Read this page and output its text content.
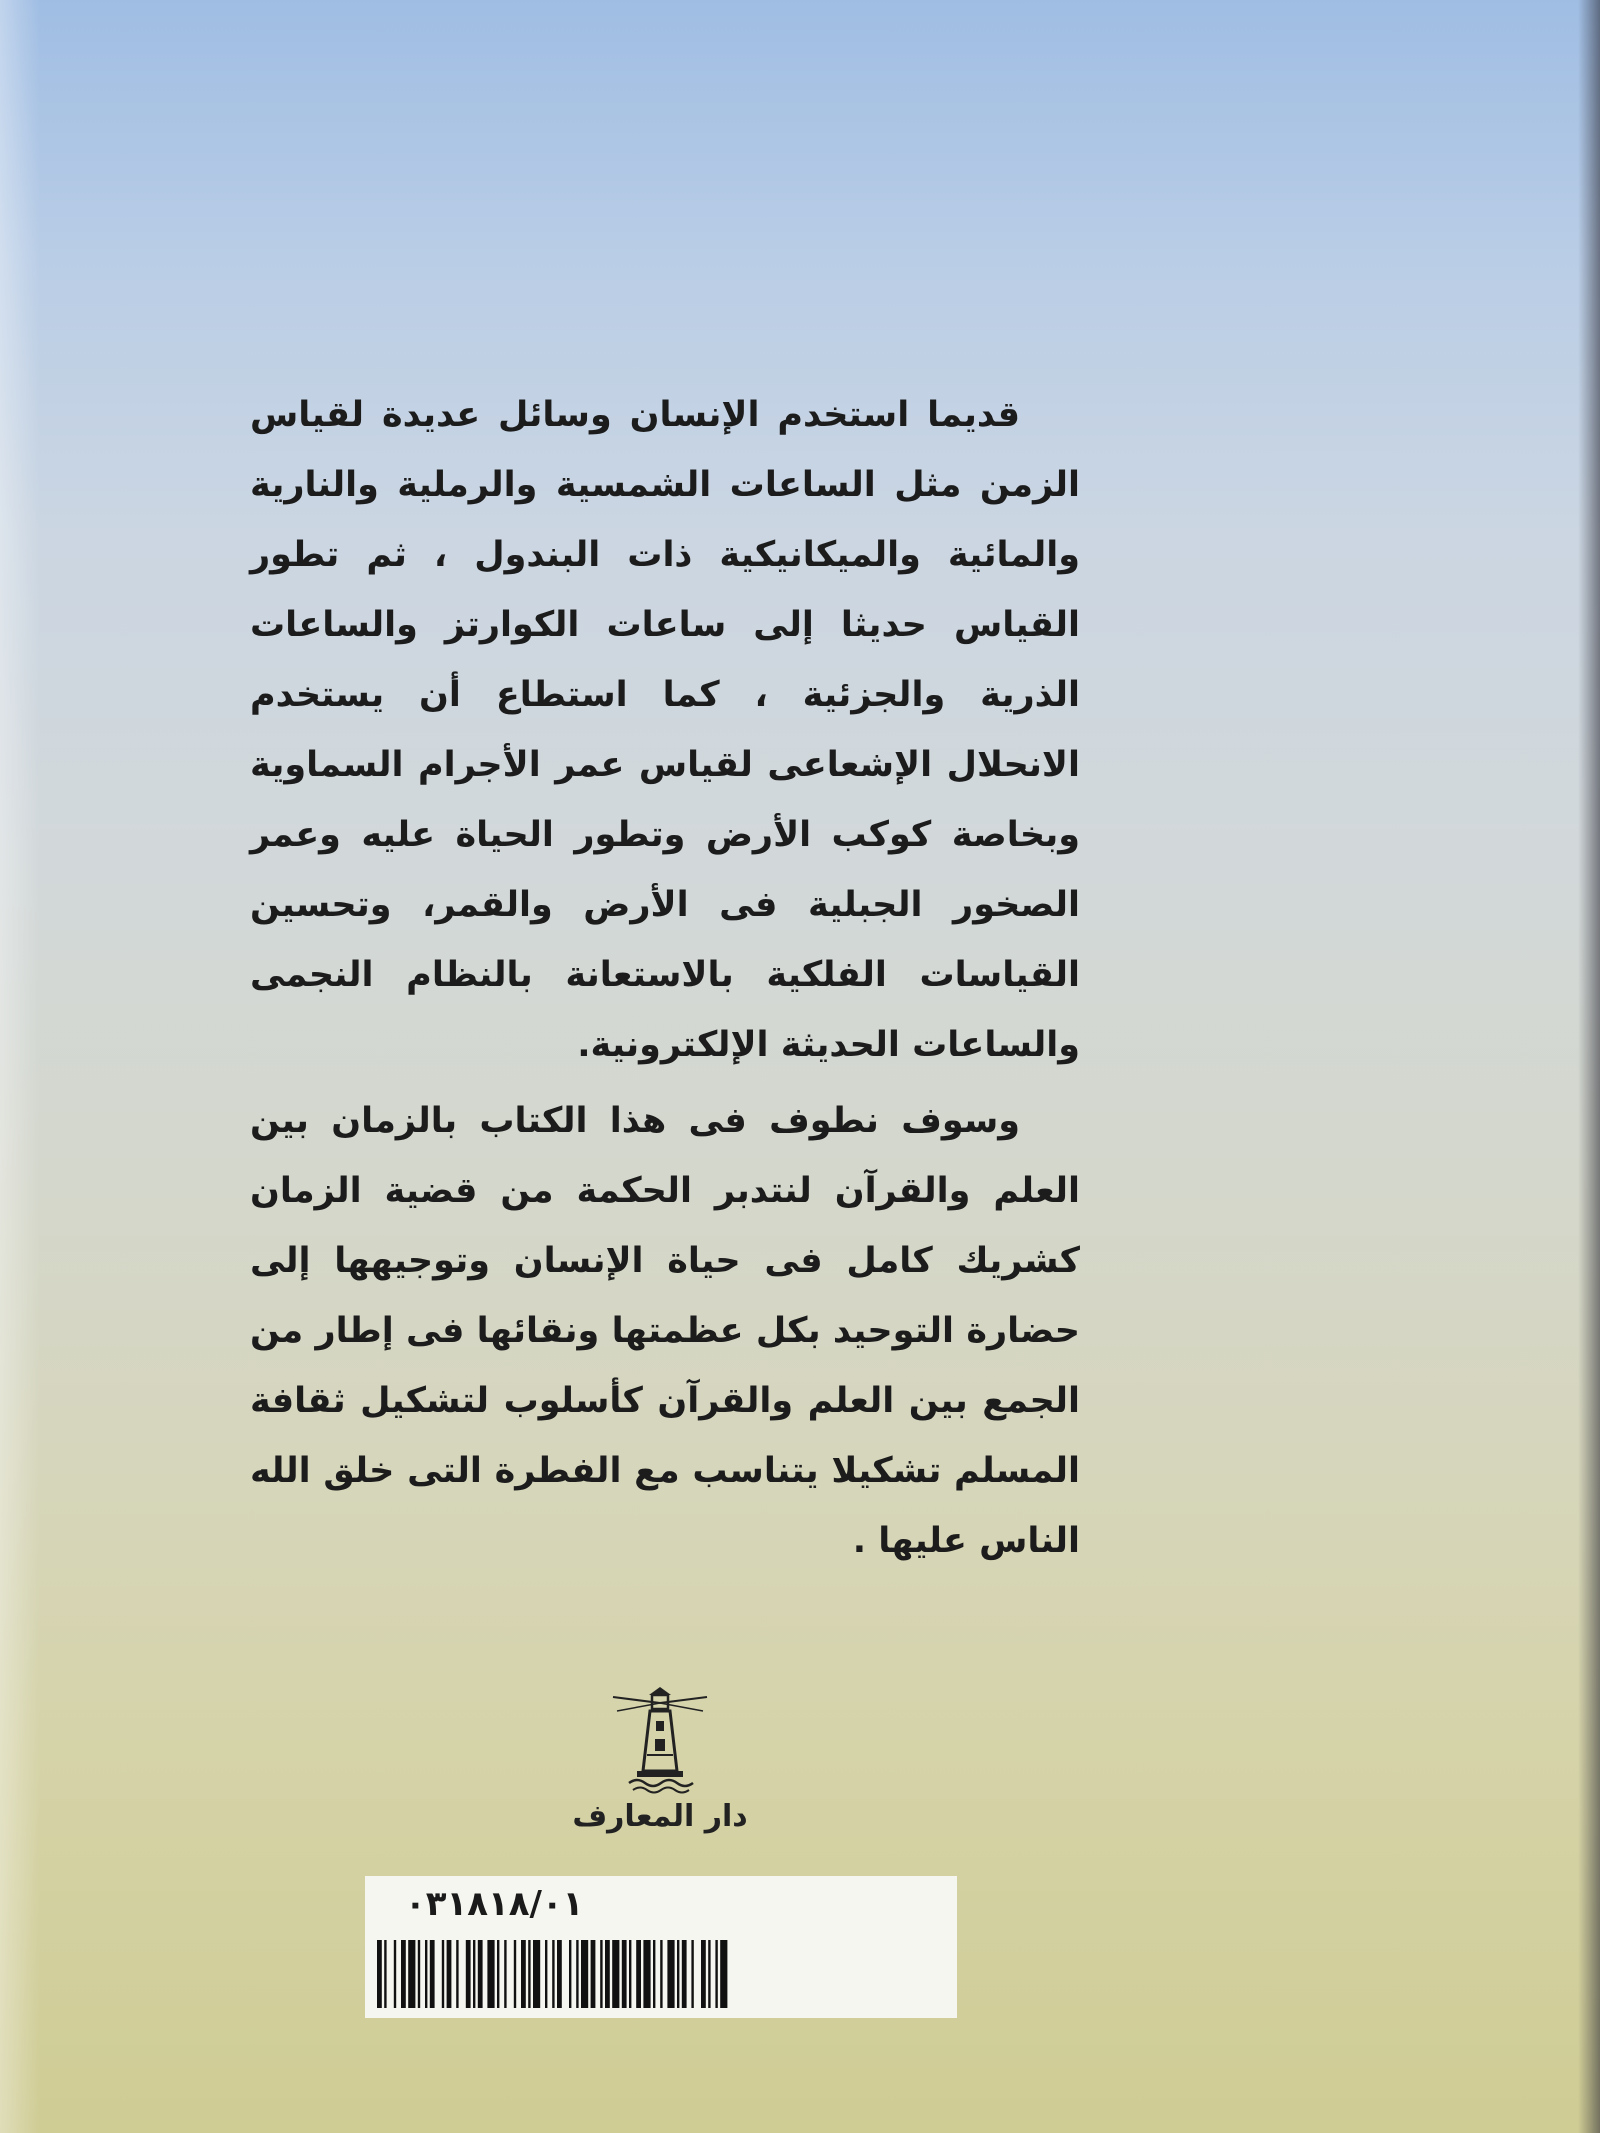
قديما استخدم الإنسان وسائل عديدة لقياس الزمن مثل الساعات الشمسية والرملية والنارية والمائية والميكانيكية ذات البندول ، ثم تطور القياس حديثا إلى ساعات الكوارتز والساعات الذرية والجزئية ، كما استطاع أن يستخدم الانحلال الإشعاعى لقياس عمر الأجرام السماوية وبخاصة كوكب الأرض وتطور الحياة عليه وعمر الصخور الجبلية فى الأرض والقمر، وتحسين القياسات الفلكية بالاستعانة بالنظام النجمى والساعات الحديثة الإلكترونية.

وسوف نطوف فى هذا الكتاب بالزمان بين العلم والقرآن لنتدبر الحكمة من قضية الزمان كشريك كامل فى حياة الإنسان وتوجيهها إلى حضارة التوحيد بكل عظمتها ونقائها فى إطار من الجمع بين العلم والقرآن كأسلوب لتشكيل ثقافة المسلم تشكيلا يتناسب مع الفطرة التى خلق الله الناس عليها .

دار المعارف
٠٣١٨١٨/٠١
